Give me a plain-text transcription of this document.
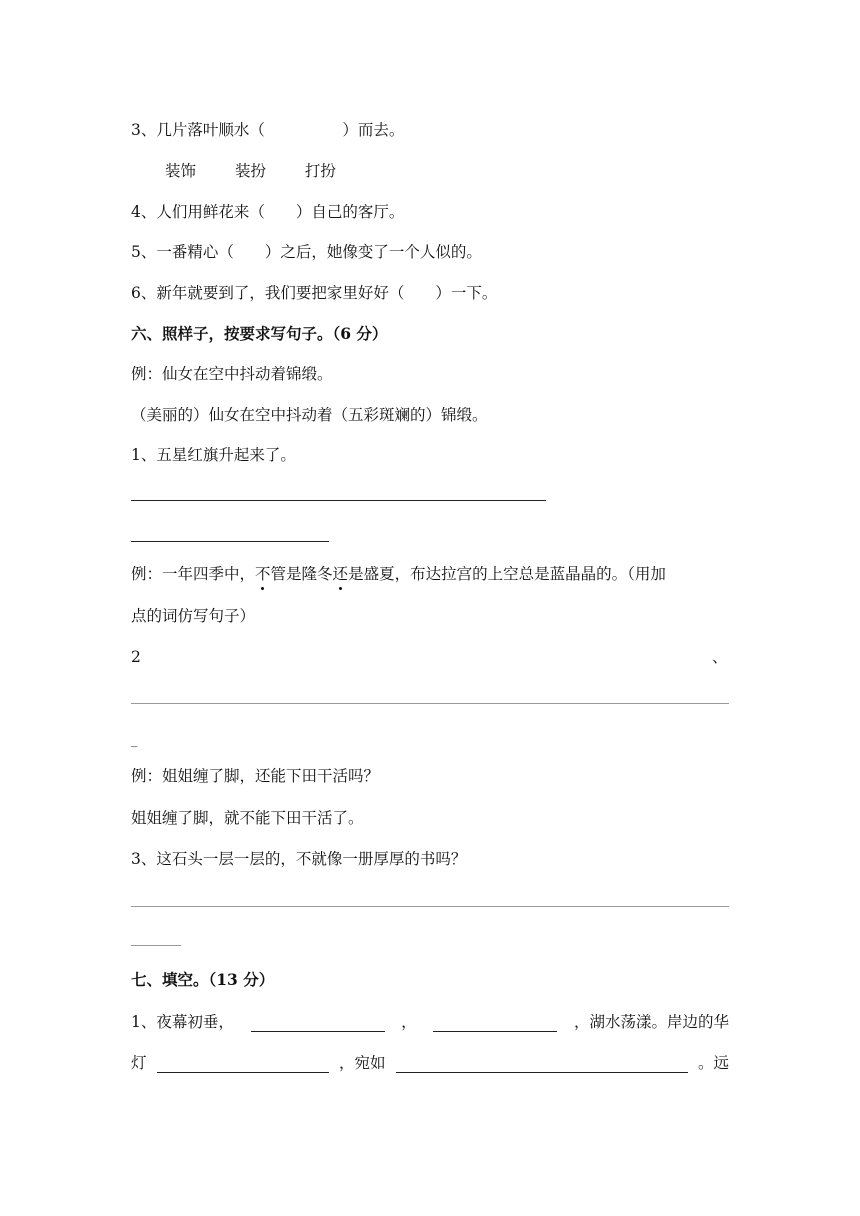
3、几片落叶顺水（　　　　　）而去。
装饰	装扮	打扮
4、人们用鲜花来（　　）自己的客厅。
5、一番精心（　　）之后，她像变了一个人似的。
6、新年就要到了，我们要把家里好好（　　）一下。
六、照样子，按要求写句子。（6 分）
例：仙女在空中抖动着锦缎。
（美丽的）仙女在空中抖动着（五彩斑斓的）锦缎。
1、五星红旗升起来了。
例：一年四季中，不管是隆冬还是盛夏，布达拉宫的上空总是蓝晶晶的。（用加
点的词仿写句子）
2	、
_
例：姐姐缠了脚，还能下田干活吗？
姐姐缠了脚，就不能下田干活了。
3、这石头一层一层的，不就像一册厚厚的书吗？
七、填空。（13 分）
1、夜幕初垂，	，	，湖水荡漾。岸边的华
灯	，宛如	。远
